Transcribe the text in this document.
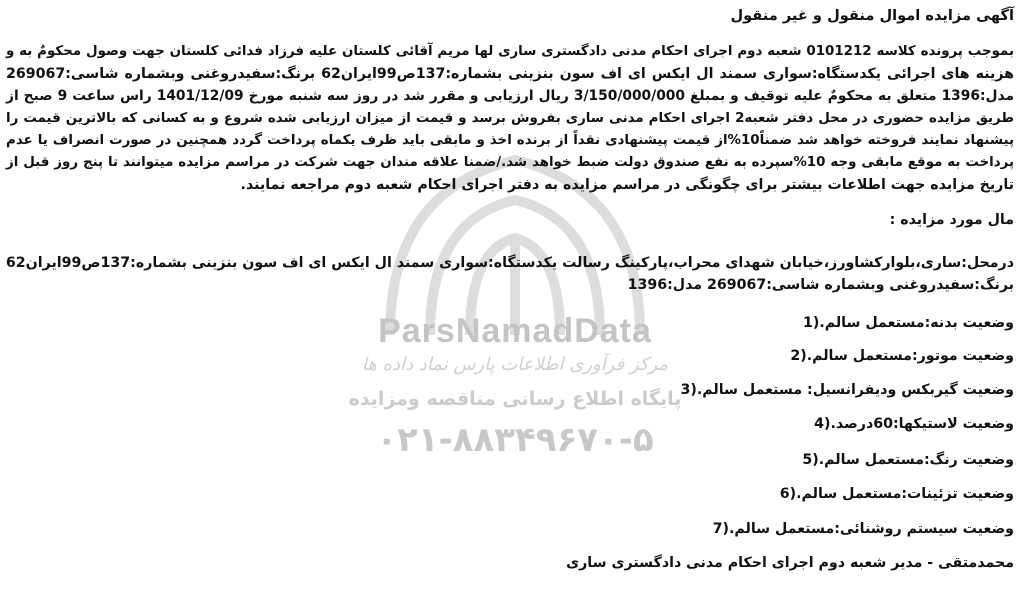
ParsNamadData
مرکز فرآوری اطلاعات پارس نماد داده ها
پایگاه اطلاع رسانی مناقصه ومزایده
۰۲۱-۸۸۳۴۹۶۷۰-۵
آگهی مزایده اموال منقول و غیر منقول
بموجب پرونده کلاسه 0101212 شعبه دوم اجرای احکام مدنی دادگستری ساری لها مریم آقائی کلستان علیه فرزاد فدائی کلستان جهت وصول محکومٌ به و
هزینه های اجرائی یکدستگاه:سواری سمند ال ایکس ای اف سون بنزینی بشماره:137ص99ایران62 برنگ:سفیدروغنی وبشماره شاسی:269067
مدل:1396 متعلق به محکومٌ علیه توقیف و بمبلغ 3/150/000/000 ریال ارزیابی و مقرر شد در روز سه شنبه مورخ 1401/12/09 راس ساعت 9 صبح از
طریق مزایده حضوری در محل دفتر شعبه2 اجرای احکام مدنی ساری بفروش برسد و قیمت از میزان ارزیابی شده شروع و به کسانی که بالاترین قیمت را
پیشنهاد نمایند فروخته خواهد شد ضمناً10%از قیمت پیشنهادی نقداً از برنده اخذ و مابقی باید ظرف یکماه پرداخت گردد همچنین در صورت انصراف یا عدم
پرداخت به موقع مابقی وجه 10%سپرده به نفع صندوق دولت ضبط خواهد شد./ضمنا علاقه مندان جهت شرکت در مراسم مزایده میتوانند تا پنج روز قبل از
تاریخ مزایده جهت اطلاعات بیشتر برای چگونگی در مراسم مزایده به دفتر اجرای احکام شعبه دوم مراجعه نمایند.
مال مورد مزایده :
درمحل:ساری،بلوارکشاورز،خیابان شهدای محراب،پارکینگ رسالت یکدستگاه:سواری سمند ال ایکس ای اف سون بنزینی بشماره:137ص99ایران62
برنگ:سفیدروغنی وبشماره شاسی:269067 مدل:1396
وضعیت بدنه:مستعمل سالم.(1
وضعیت موتور:مستعمل سالم.(2
وضعیت گیربکس ودیفرانسیل: مستعمل سالم.(3
وضعیت لاستیکها:60درصد.(4
وضعیت رنگ:مستعمل سالم.(5
وضعیت تزئینات:مستعمل سالم.(6
وضعیت سیستم روشنائی:مستعمل سالم.(7
محمدمتقی - مدیر شعبه دوم اجرای احکام مدنی دادگستری ساری
